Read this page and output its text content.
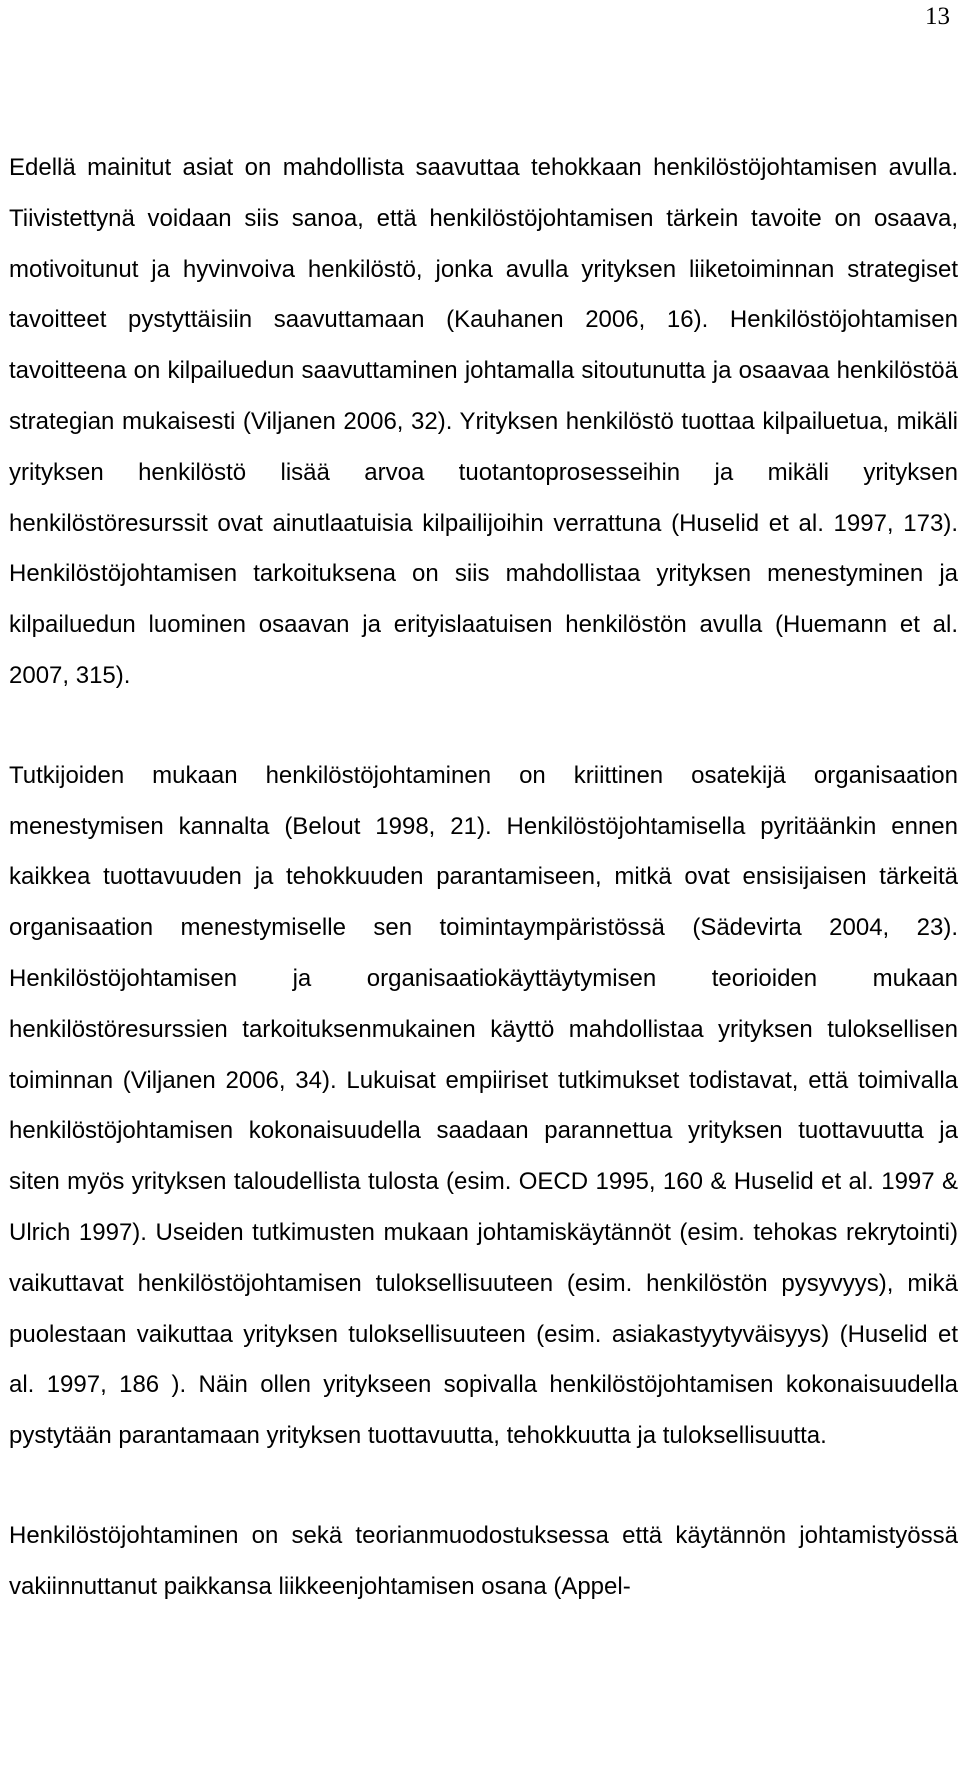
13

Edellä mainitut asiat on mahdollista saavuttaa tehokkaan henkilöstöjohtamisen avulla. Tiivistettynä voidaan siis sanoa, että henkilöstöjohtamisen tärkein tavoite on osaava, motivoitunut ja hyvinvoiva henkilöstö, jonka avulla yrityksen liiketoiminnan strategiset tavoitteet pystyttäisiin saavuttamaan (Kauhanen 2006, 16). Henkilöstöjohtamisen tavoitteena on kilpailuedun saavuttaminen johtamalla sitoutunutta ja osaavaa henkilöstöä strategian mukaisesti (Viljanen 2006, 32). Yrityksen henkilöstö tuottaa kilpailuetua, mikäli yrityksen henkilöstö lisää arvoa tuotantoprosesseihin ja mikäli yrityksen henkilöstöresurssit ovat ainutlaatuisia kilpailijoihin verrattuna (Huselid et al. 1997, 173). Henkilöstöjohtamisen tarkoituksena on siis mahdollistaa yrityksen menestyminen ja kilpailuedun luominen osaavan ja erityislaatuisen henkilöstön avulla (Huemann et al. 2007, 315).

Tutkijoiden mukaan henkilöstöjohtaminen on kriittinen osatekijä organisaation menestymisen kannalta (Belout 1998, 21). Henkilöstöjohtamisella pyritäänkin ennen kaikkea tuottavuuden ja tehokkuuden parantamiseen, mitkä ovat ensisijaisen tärkeitä organisaation menestymiselle sen toimintaympäristössä (Sädevirta 2004, 23). Henkilöstöjohtamisen ja organisaatiokäyttäytymisen teorioiden mukaan henkilöstöresurssien tarkoituksenmukainen käyttö mahdollistaa yrityksen tuloksellisen toiminnan (Viljanen 2006, 34). Lukuisat empiiriset tutkimukset todistavat, että toimivalla henkilöstöjohtamisen kokonaisuudella saadaan parannettua yrityksen tuottavuutta ja siten myös yrityksen taloudellista tulosta (esim. OECD 1995, 160 & Huselid et al. 1997 & Ulrich 1997). Useiden tutkimusten mukaan johtamiskäytännöt (esim. tehokas rekrytointi) vaikuttavat henkilöstöjohtamisen tuloksellisuuteen (esim. henkilöstön pysyvyys), mikä puolestaan vaikuttaa yrityksen tuloksellisuuteen (esim. asiakastyytyväisyys) (Huselid et al. 1997, 186 ). Näin ollen yritykseen sopivalla henkilöstöjohtamisen kokonaisuudella pystytään parantamaan yrityksen tuottavuutta, tehokkuutta ja tuloksellisuutta.

Henkilöstöjohtaminen on sekä teorianmuodostuksessa että käytännön johtamistyössä vakiinnuttanut paikkansa liikkeenjohtamisen osana (Appel-
